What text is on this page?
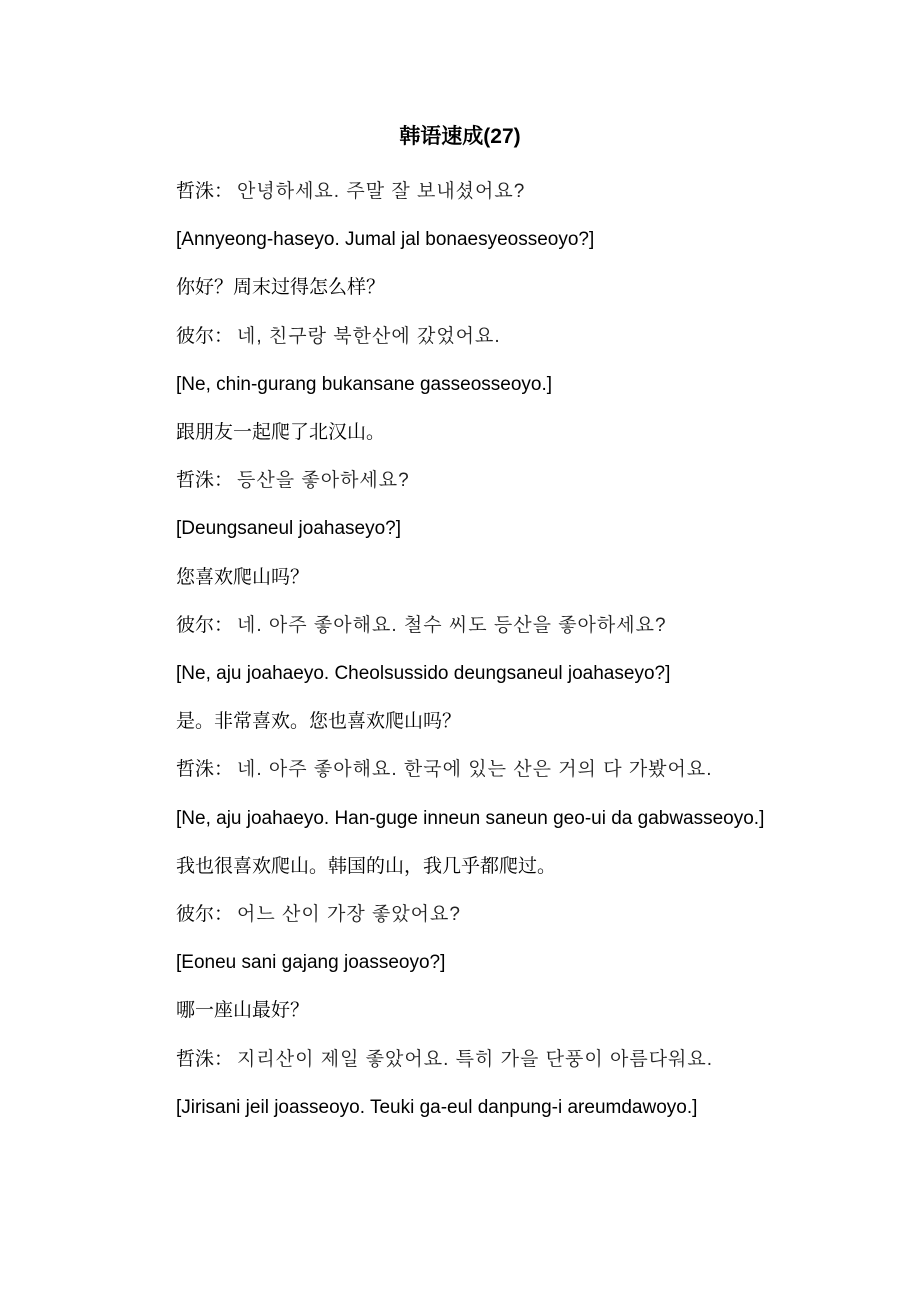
韩语速成(27)

哲洙： 안녕하세요. 주말 잘 보내셨어요?

[Annyeong-haseyo. Jumal jal bonaesyeosseoyo?]

你好？周末过得怎么样？

彼尔： 네, 친구랑 북한산에 갔었어요.

[Ne, chin-gurang bukansane gasseosseoyo.]

跟朋友一起爬了北汉山。

哲洙： 등산을 좋아하세요?

[Deungsaneul joahaseyo?]

您喜欢爬山吗？

彼尔： 네. 아주 좋아해요. 철수 씨도 등산을 좋아하세요?

[Ne, aju joahaeyo. Cheolsussido deungsaneul joahaseyo?]

是。非常喜欢。您也喜欢爬山吗？

哲洙： 네. 아주 좋아해요. 한국에 있는 산은 거의 다 가봤어요.

[Ne, aju joahaeyo. Han-guge inneun saneun geo-ui da gabwasseoyo.]

我也很喜欢爬山。韩国的山，我几乎都爬过。

彼尔： 어느 산이 가장 좋았어요?

[Eoneu sani gajang joasseoyo?]

哪一座山最好？

哲洙： 지리산이 제일 좋았어요. 특히 가을 단풍이 아름다워요.

[Jirisani jeil joasseoyo. Teuki ga-eul danpung-i areumdawoyo.]
